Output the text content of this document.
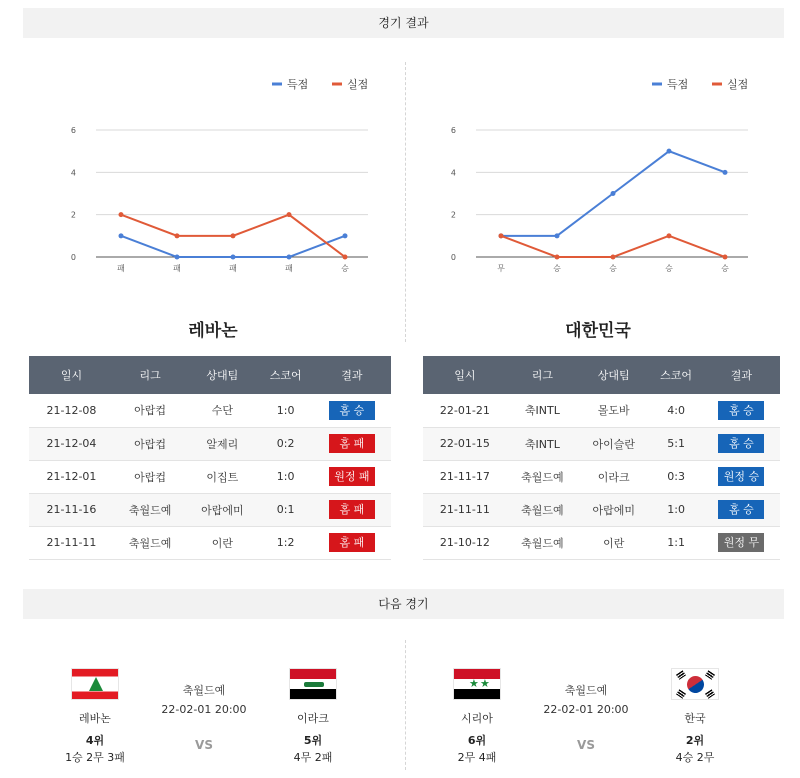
경기 결과
득점	실점
0
2
4
6
패	패	패	패	승
득점	실점
0
2
4
6
무	승	승	승	승
레바논	대한민국
일시	리그	상대팀	스코어	결과
21-12-08	아랍컵	수단	1:0	홈 승
21-12-04	아랍컵	알제리	0:2	홈 패
21-12-01	아랍컵	이집트	1:0	원정 패
21-11-16	축월드예	아랍에미	0:1	홈 패
21-11-11	축월드예	이란	1:2	홈 패
일시	리그	상대팀	스코어	결과
22-01-21	축INTL	몰도바	4:0	홈 승
22-01-15	축INTL	아이슬란	5:1	홈 승
21-11-17	축월드예	이라크	0:3	원정 승
21-11-11	축월드예	아랍에미	1:0	홈 승
21-10-12	축월드예	이란	1:1	원정 무
다음 경기
레바논
4위
1승 2무 3패
축월드예
22-02-01 20:00
VS
이라크
5위
4무 2패
★ ★
시리아
6위
2무 4패
축월드예
22-02-01 20:00
VS
한국
2위
4승 2무
